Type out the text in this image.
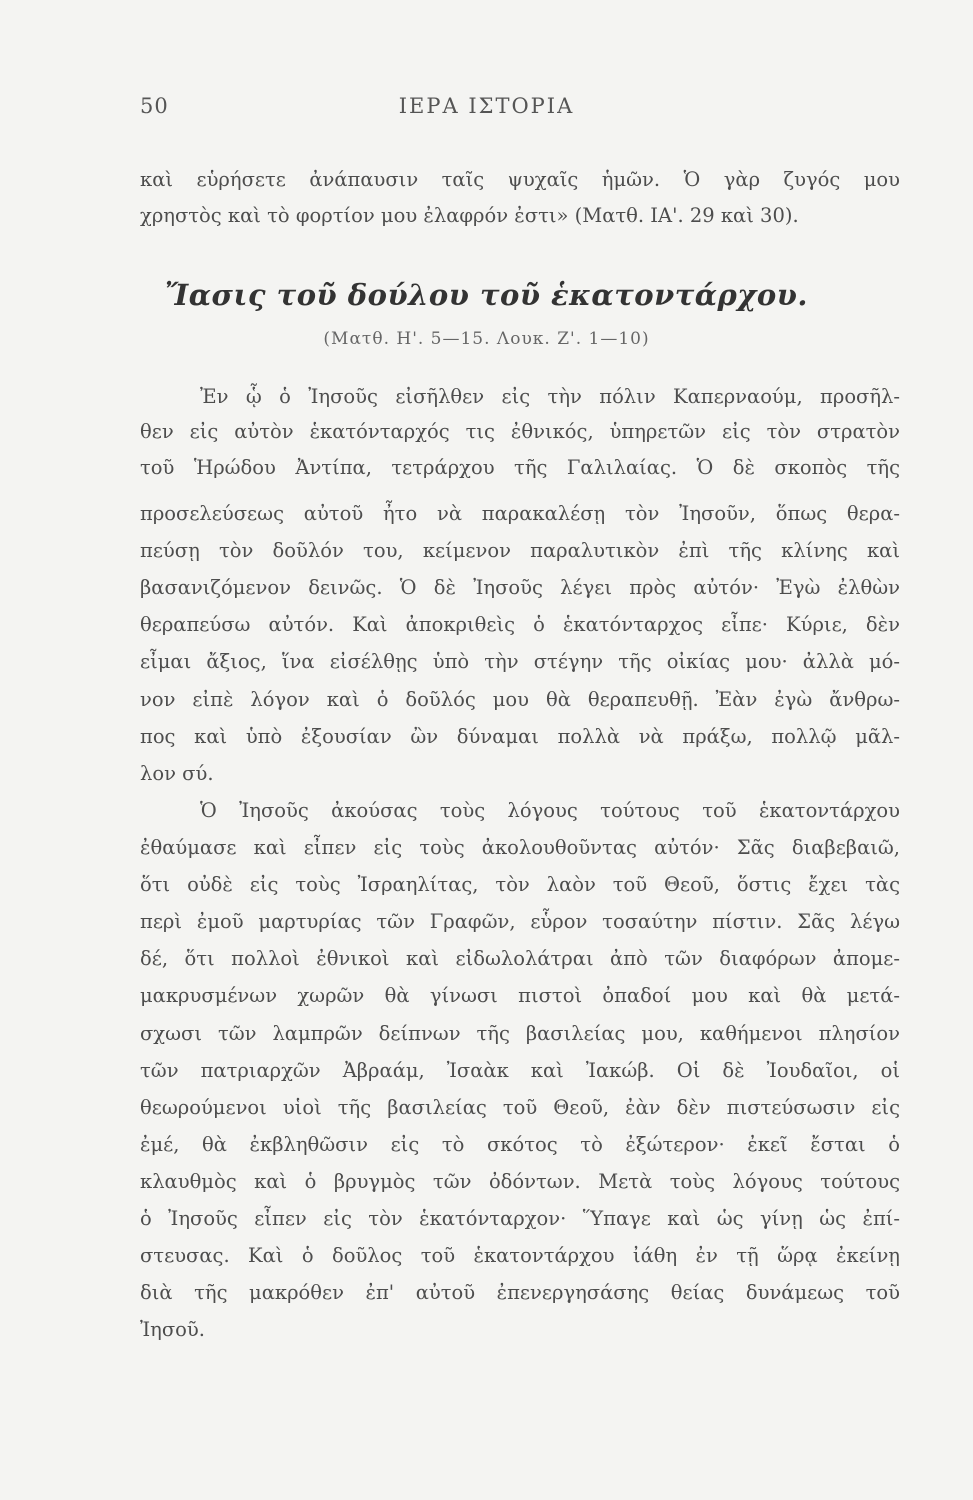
50	ΙΕΡΑ ΙΣΤΟΡΙΑ
καὶ εὑρήσετε ἀνάπαυσιν ταῖς ψυχαῖς ἡμῶν. Ὁ γὰρ ζυγός μου
χρηστὸς καὶ τὸ φορτίον μου ἐλαφρόν ἐστι» (Ματθ. ΙΑ'. 29 καὶ 30).
Ἴασις τοῦ δούλου τοῦ ἑκατοντάρχου.
(Ματθ. Η'. 5—15. Λουκ. Ζ'. 1—10)
Ἐν ᾧ ὁ Ἰησοῦς εἰσῆλθεν εἰς τὴν πόλιν Καπερναούμ, προσῆλ-
θεν εἰς αὐτὸν ἑκατόνταρχός τις ἐθνικός, ὑπηρετῶν εἰς τὸν στρατὸν
τοῦ Ἡρώδου Ἀντίπα, τετράρχου τῆς Γαλιλαίας. Ὁ δὲ σκοπὸς τῆς
προσελεύσεως αὐτοῦ ἦτο νὰ παρακαλέσῃ τὸν Ἰησοῦν, ὅπως θερα-
πεύσῃ τὸν δοῦλόν του, κείμενον παραλυτικὸν ἐπὶ τῆς κλίνης καὶ
βασανιζόμενον δεινῶς. Ὁ δὲ Ἰησοῦς λέγει πρὸς αὐτόν· Ἐγὼ ἐλθὼν
θεραπεύσω αὐτόν. Καὶ ἀποκριθεὶς ὁ ἑκατόνταρχος εἶπε· Κύριε, δὲν
εἶμαι ἄξιος, ἵνα εἰσέλθῃς ὑπὸ τὴν στέγην τῆς οἰκίας μου· ἀλλὰ μό-
νον εἰπὲ λόγον καὶ ὁ δοῦλός μου θὰ θεραπευθῇ. Ἐὰν ἐγὼ ἄνθρω-
πος καὶ ὑπὸ ἐξουσίαν ὢν δύναμαι πολλὰ νὰ πράξω, πολλῷ μᾶλ-
λον σύ.
Ὁ Ἰησοῦς ἀκούσας τοὺς λόγους τούτους τοῦ ἑκατοντάρχου
ἐθαύμασε καὶ εἶπεν εἰς τοὺς ἀκολουθοῦντας αὐτόν· Σᾶς διαβεβαιῶ,
ὅτι οὐδὲ εἰς τοὺς Ἰσραηλίτας, τὸν λαὸν τοῦ Θεοῦ, ὅστις ἔχει τὰς
περὶ ἐμοῦ μαρτυρίας τῶν Γραφῶν, εὗρον τοσαύτην πίστιν. Σᾶς λέγω
δέ, ὅτι πολλοὶ ἐθνικοὶ καὶ εἰδωλολάτραι ἀπὸ τῶν διαφόρων ἀπομε-
μακρυσμένων χωρῶν θὰ γίνωσι πιστοὶ ὀπαδοί μου καὶ θὰ μετά-
σχωσι τῶν λαμπρῶν δείπνων τῆς βασιλείας μου, καθήμενοι πλησίον
τῶν πατριαρχῶν Ἀβραάμ, Ἰσαὰκ καὶ Ἰακώβ. Οἱ δὲ Ἰουδαῖοι, οἱ
θεωρούμενοι υἱοὶ τῆς βασιλείας τοῦ Θεοῦ, ἐὰν δὲν πιστεύσωσιν εἰς
ἐμέ, θὰ ἐκβληθῶσιν εἰς τὸ σκότος τὸ ἐξώτερον· ἐκεῖ ἔσται ὁ
κλαυθμὸς καὶ ὁ βρυγμὸς τῶν ὀδόντων. Μετὰ τοὺς λόγους τούτους
ὁ Ἰησοῦς εἶπεν εἰς τὸν ἑκατόνταρχον· Ὕπαγε καὶ ὡς γίνῃ ὡς ἐπί-
στευσας. Καὶ ὁ δοῦλος τοῦ ἑκατοντάρχου ἰάθη ἐν τῇ ὥρᾳ ἐκείνῃ
διὰ τῆς μακρόθεν ἐπ' αὐτοῦ ἐπενεργησάσης θείας δυνάμεως τοῦ
Ἰησοῦ.
